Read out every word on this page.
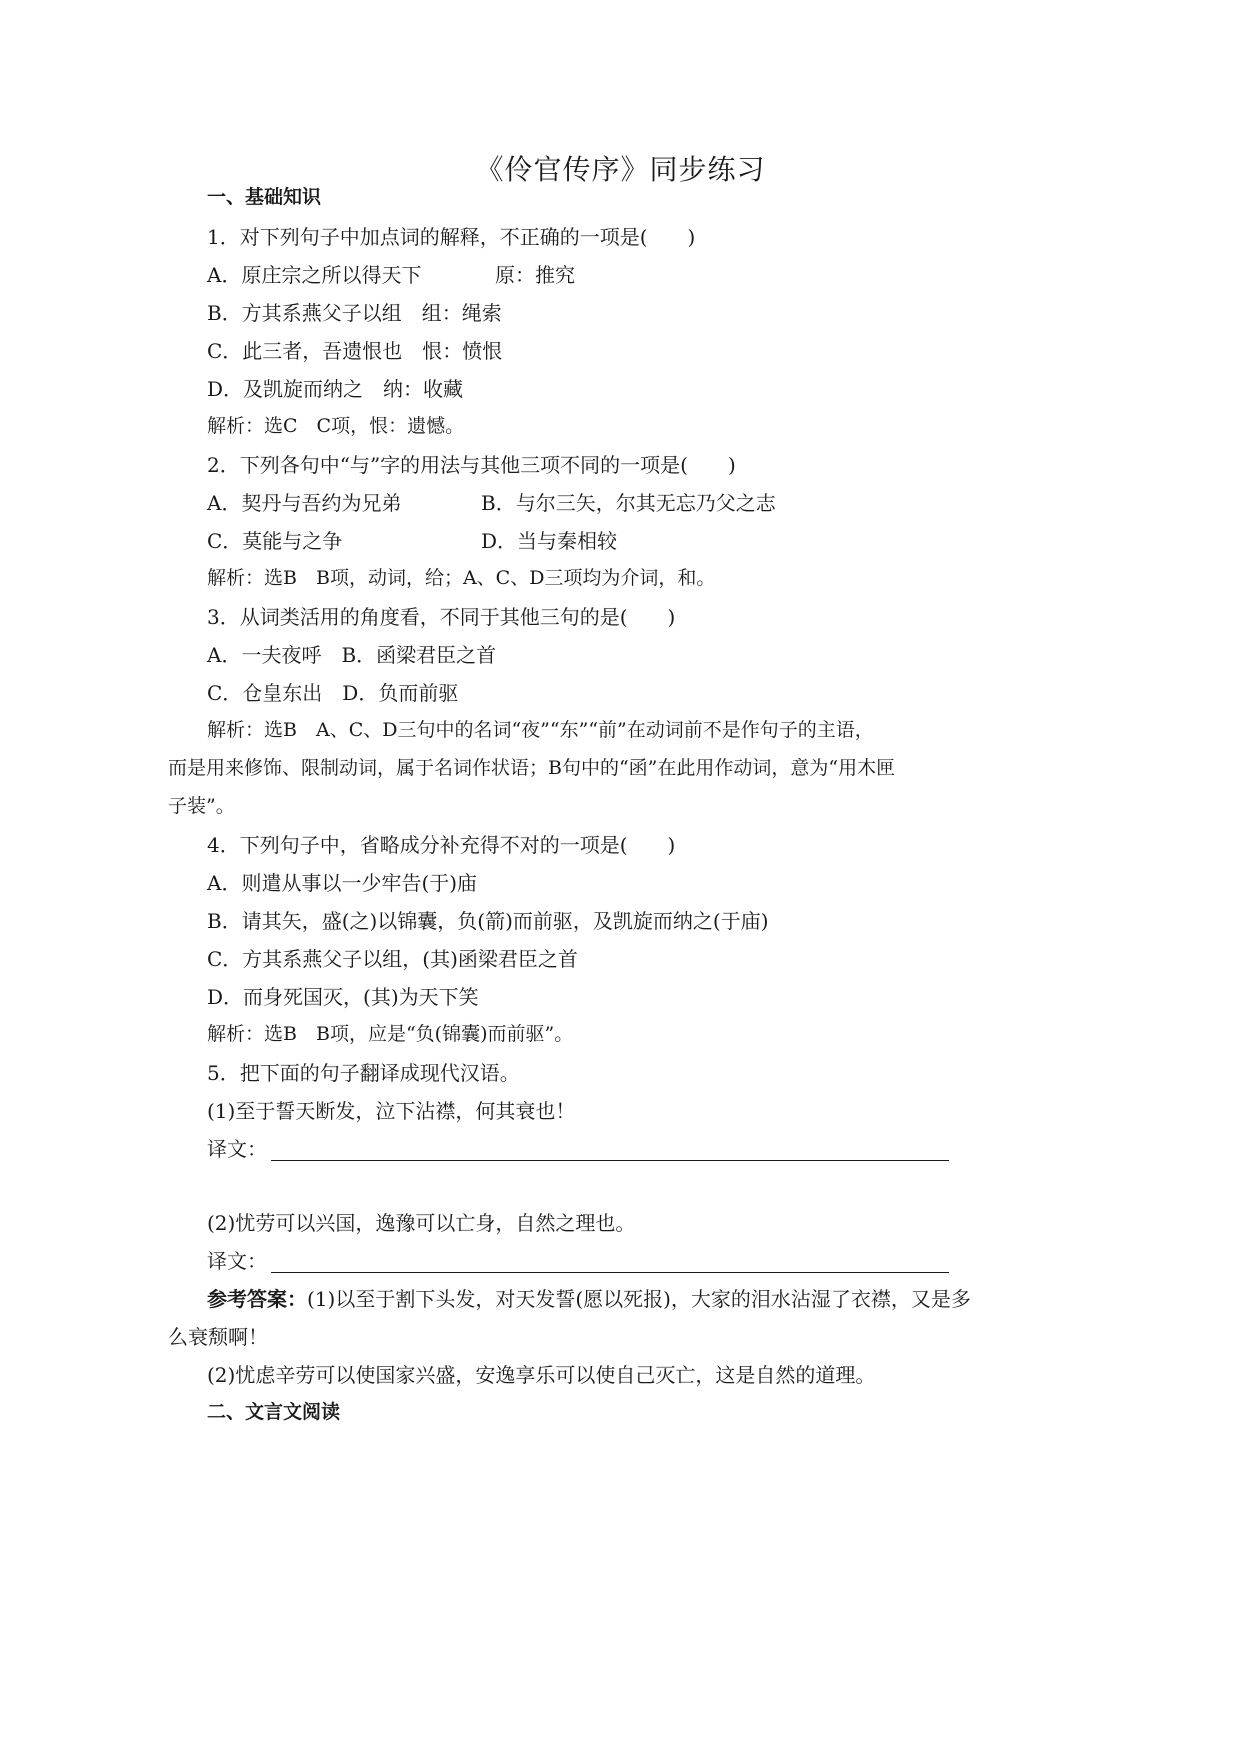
《伶官传序》同步练习
一、基础知识
1．对下列句子中加点词的解释，不正确的一项是(　　)
A．原庄宗之所以得天下	原：推究
B．方其系燕父子以组　组：绳索
C．此三者，吾遗恨也　恨：愤恨
D．及凯旋而纳之　纳：收藏
解析：选C　C项，恨：遗憾。
2．下列各句中“与”字的用法与其他三项不同的一项是(　　)
A．契丹与吾约为兄弟	B．与尔三矢，尔其无忘乃父之志
C．莫能与之争	D．当与秦相较
解析：选B　B项，动词，给；A、C、D三项均为介词，和。
3．从词类活用的角度看，不同于其他三句的是(　　)
A．一夫夜呼　B．函梁君臣之首
C．仓皇东出　D．负而前驱
解析：选B　A、C、D三句中的名词“夜”“东”“前”在动词前不是作句子的主语，
而是用来修饰、限制动词，属于名词作状语；B句中的“函”在此用作动词，意为“用木匣
子装”。
4．下列句子中，省略成分补充得不对的一项是(　　)
A．则遣从事以一少牢告(于)庙
B．请其矢，盛(之)以锦囊，负(箭)而前驱，及凯旋而纳之(于庙)
C．方其系燕父子以组，(其)函梁君臣之首
D．而身死国灭，(其)为天下笑
解析：选B　B项，应是“负(锦囊)而前驱”。
5．把下面的句子翻译成现代汉语。
(1)至于誓天断发，泣下沾襟，何其衰也！
译文：
(2)忧劳可以兴国，逸豫可以亡身，自然之理也。
译文：
参考答案：(1)以至于割下头发，对天发誓(愿以死报)，大家的泪水沾湿了衣襟，又是多
么衰颓啊！
(2)忧虑辛劳可以使国家兴盛，安逸享乐可以使自己灭亡，这是自然的道理。
二、文言文阅读
